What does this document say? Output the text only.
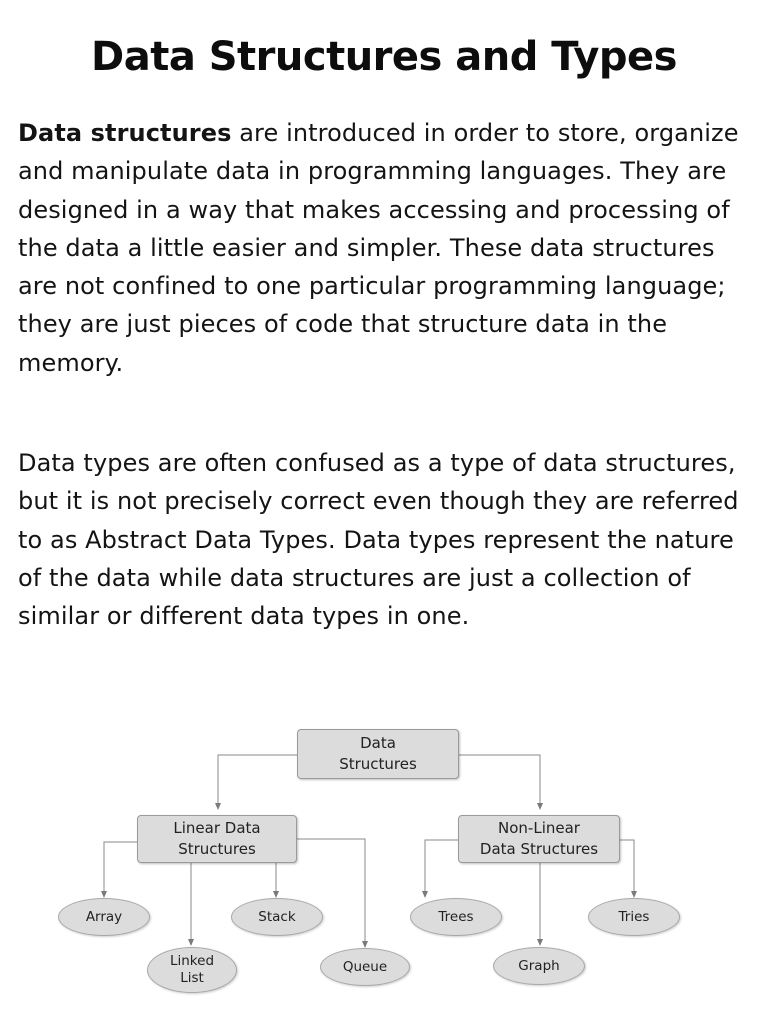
Data Structures and Types

Data structures are introduced in order to store, organize and manipulate data in programming languages. They are designed in a way that makes accessing and processing of the data a little easier and simpler. These data structures are not confined to one particular programming language; they are just pieces of code that structure data in the memory.

Data types are often confused as a type of data structures, but it is not precisely correct even though they are referred to as Abstract Data Types. Data types represent the nature of the data while data structures are just a collection of similar or different data types in one.

Data
Structures
Linear Data
Structures
Non-Linear
Data Structures
Array
Linked
List
Stack
Queue
Trees
Graph
Tries
